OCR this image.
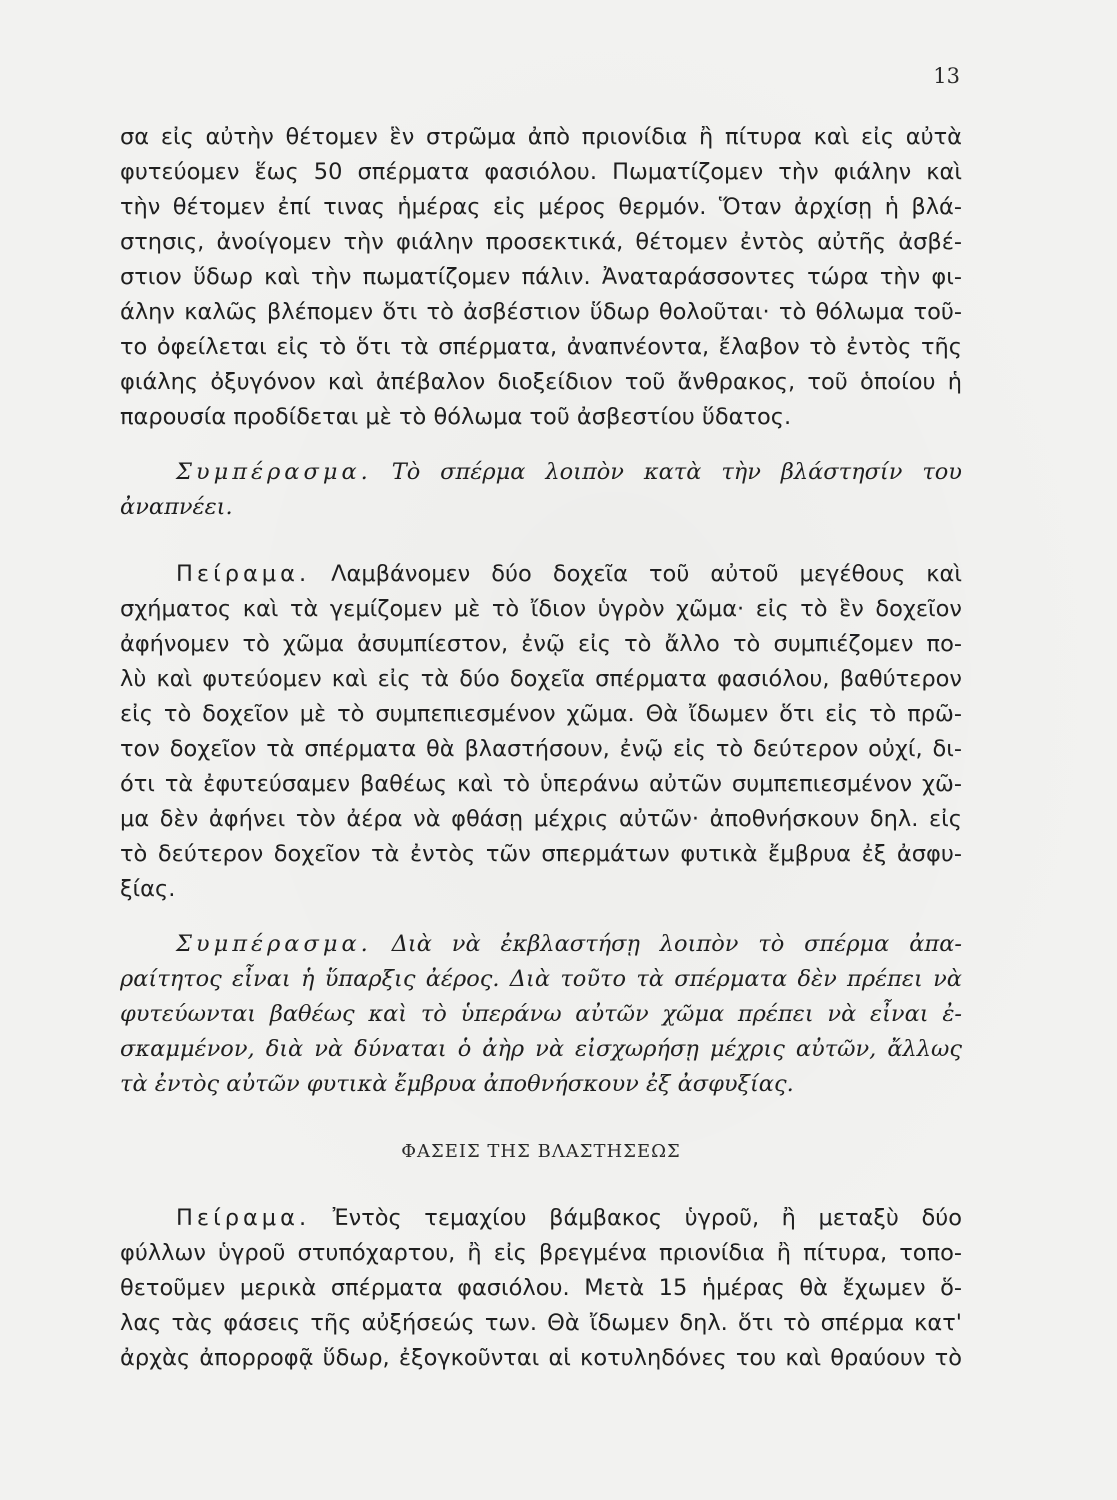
13
σα εἰς αὐτὴν θέτομεν ἓν στρῶμα ἀπὸ πριονίδια ἢ πίτυρα καὶ εἰς αὐτὰ
φυτεύομεν ἕως 50 σπέρματα φασιόλου. Πωματίζομεν τὴν φιάλην καὶ
τὴν θέτομεν ἐπί τινας ἡμέρας εἰς μέρος θερμόν. Ὅταν ἀρχίσῃ ἡ βλά-
στησις, ἀνοίγομεν τὴν φιάλην προσεκτικά, θέτομεν ἐντὸς αὐτῆς ἀσβέ-
στιον ὕδωρ καὶ τὴν πωματίζομεν πάλιν. Ἀναταράσσοντες τώρα τὴν φι-
άλην καλῶς βλέπομεν ὅτι τὸ ἀσβέστιον ὕδωρ θολοῦται· τὸ θόλωμα τοῦ-
το ὀφείλεται εἰς τὸ ὅτι τὰ σπέρματα, ἀναπνέοντα, ἔλαβον τὸ ἐντὸς τῆς
φιάλης ὀξυγόνον καὶ ἀπέβαλον διοξείδιον τοῦ ἄνθρακος, τοῦ ὁποίου ἡ
παρουσία προδίδεται μὲ τὸ θόλωμα τοῦ ἀσβεστίου ὕδατος.
Συμπέρασμα. Τὸ σπέρμα λοιπὸν κατὰ τὴν βλάστησίν του
ἀναπνέει.
Πείραμα. Λαμβάνομεν δύο δοχεῖα τοῦ αὐτοῦ μεγέθους καὶ
σχήματος καὶ τὰ γεμίζομεν μὲ τὸ ἴδιον ὑγρὸν χῶμα· εἰς τὸ ἓν δοχεῖον
ἀφήνομεν τὸ χῶμα ἀσυμπίεστον, ἐνῷ εἰς τὸ ἄλλο τὸ συμπιέζομεν πο-
λὺ καὶ φυτεύομεν καὶ εἰς τὰ δύο δοχεῖα σπέρματα φασιόλου, βαθύτερον
εἰς τὸ δοχεῖον μὲ τὸ συμπεπιεσμένον χῶμα. Θὰ ἴδωμεν ὅτι εἰς τὸ πρῶ-
τον δοχεῖον τὰ σπέρματα θὰ βλαστήσουν, ἐνῷ εἰς τὸ δεύτερον οὐχί, δι-
ότι τὰ ἐφυτεύσαμεν βαθέως καὶ τὸ ὑπεράνω αὐτῶν συμπεπιεσμένον χῶ-
μα δὲν ἀφήνει τὸν ἀέρα νὰ φθάσῃ μέχρις αὐτῶν· ἀποθνήσκουν δηλ. εἰς
τὸ δεύτερον δοχεῖον τὰ ἐντὸς τῶν σπερμάτων φυτικὰ ἔμβρυα ἐξ ἀσφυ-
ξίας.
Συμπέρασμα. Διὰ νὰ ἐκβλαστήσῃ λοιπὸν τὸ σπέρμα ἀπα-
ραίτητος εἶναι ἡ ὕπαρξις ἀέρος. Διὰ τοῦτο τὰ σπέρματα δὲν πρέπει νὰ
φυτεύωνται βαθέως καὶ τὸ ὑπεράνω αὐτῶν χῶμα πρέπει νὰ εἶναι ἐ-
σκαμμένον, διὰ νὰ δύναται ὁ ἀὴρ νὰ εἰσχωρήσῃ μέχρις αὐτῶν, ἄλλως
τὰ ἐντὸς αὐτῶν φυτικὰ ἔμβρυα ἀποθνήσκουν ἐξ ἀσφυξίας.
ΦΑΣΕΙΣ ΤΗΣ ΒΛΑΣΤΗΣΕΩΣ
Πείραμα. Ἐντὸς τεμαχίου βάμβακος ὑγροῦ, ἢ μεταξὺ δύο
φύλλων ὑγροῦ στυπόχαρτου, ἢ εἰς βρεγμένα πριονίδια ἢ πίτυρα, τοπο-
θετοῦμεν μερικὰ σπέρματα φασιόλου. Μετὰ 15 ἡμέρας θὰ ἔχωμεν ὅ-
λας τὰς φάσεις τῆς αὐξήσεώς των. Θὰ ἴδωμεν δηλ. ὅτι τὸ σπέρμα κατ'
ἀρχὰς ἀπορροφᾷ ὕδωρ, ἐξογκοῦνται αἱ κοτυληδόνες του καὶ θραύουν τὸ
